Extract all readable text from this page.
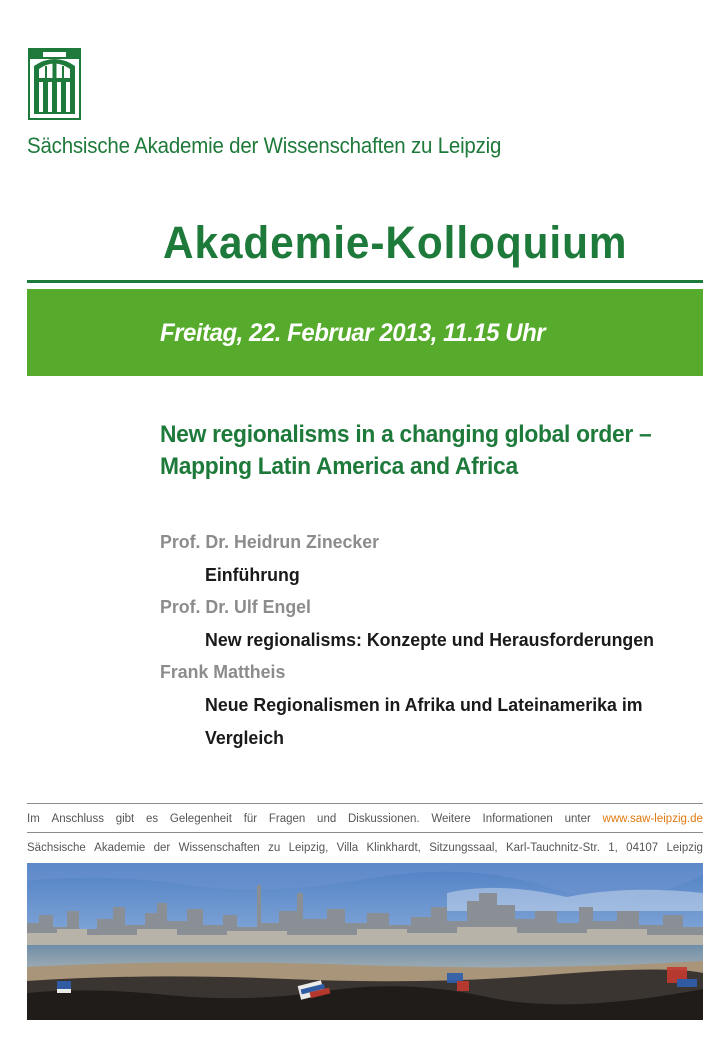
Sächsische Akademie der Wissenschaften zu Leipzig
Akademie-Kolloquium
Freitag, 22. Februar 2013, 11.15 Uhr
New regionalisms in a changing global order –
Mapping Latin America and Africa
Prof. Dr. Heidrun Zinecker
Einführung
Prof. Dr. Ulf Engel
New regionalisms: Konzepte und Herausforderungen
Frank Mattheis
Neue Regionalismen in Afrika und Lateinamerika im
Vergleich
Im Anschluss gibt es Gelegenheit für Fragen und Diskussionen. Weitere Informationen unter www.saw-leipzig.de
Sächsische Akademie der Wissenschaften zu Leipzig, Villa Klinkhardt, Sitzungssaal, Karl-Tauchnitz-Str. 1, 04107 Leipzig
